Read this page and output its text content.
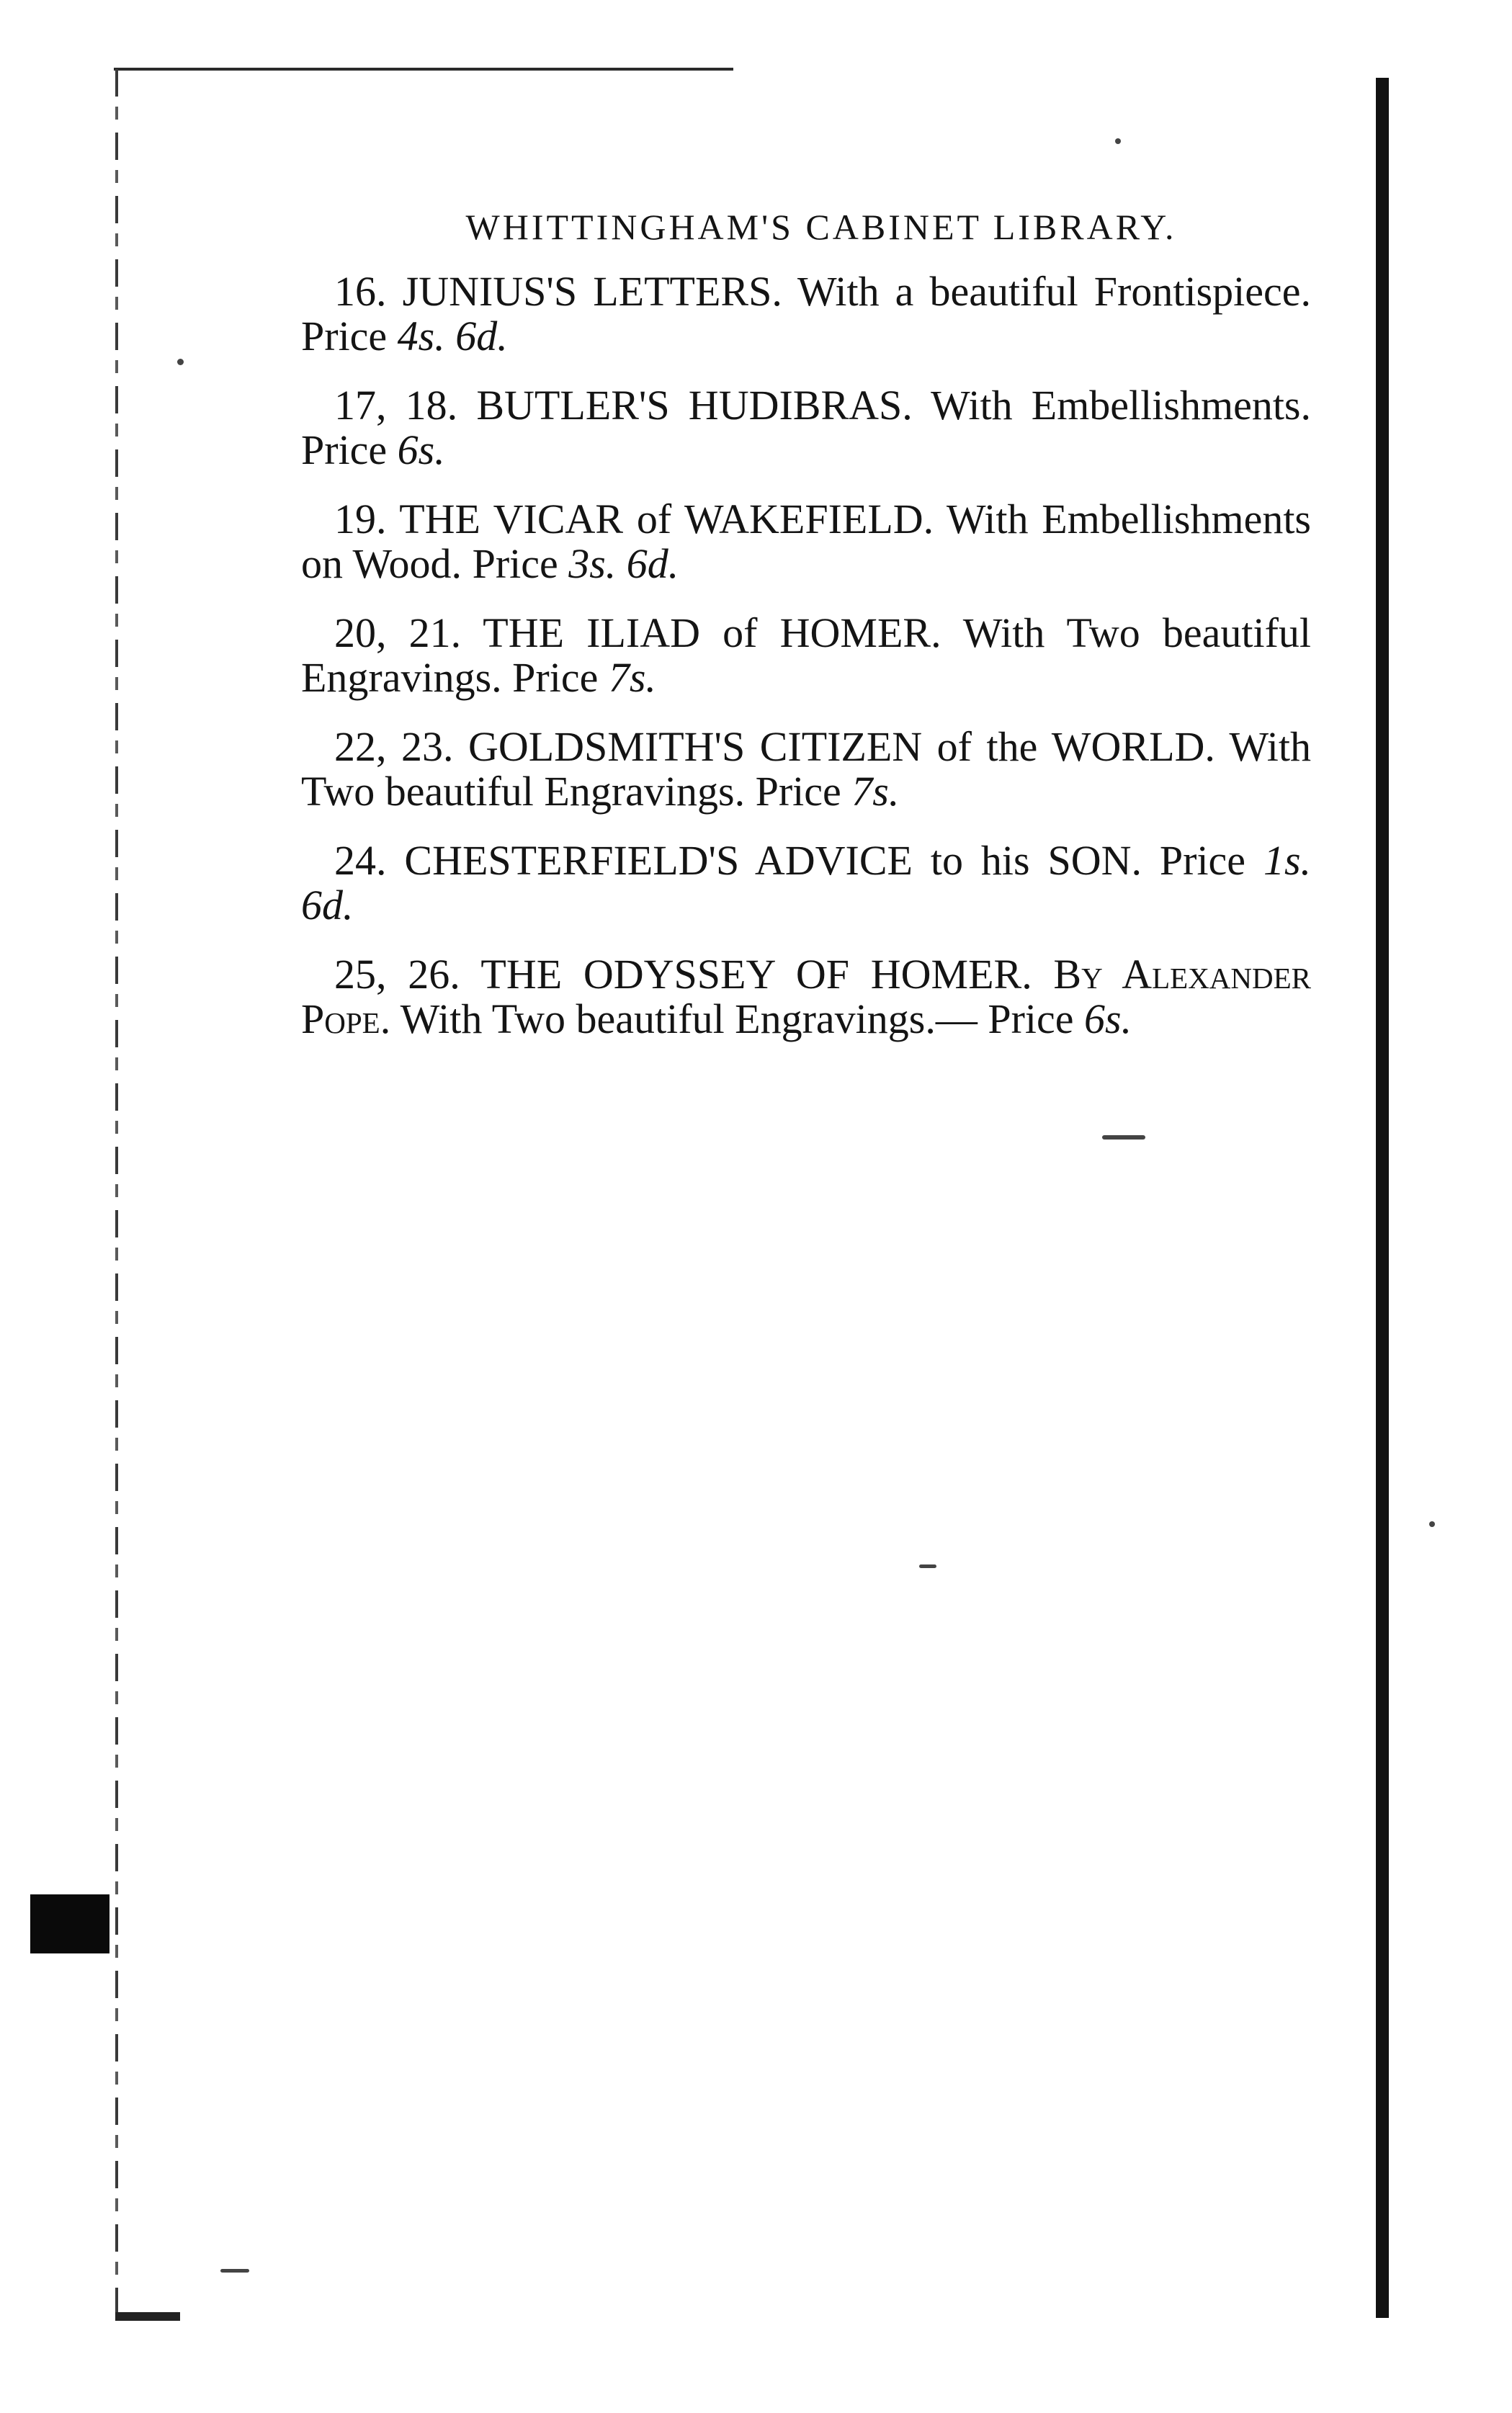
WHITTINGHAM'S CABINET LIBRARY.

16. JUNIUS'S LETTERS. With a beautiful Frontispiece. Price 4s. 6d.

17, 18. BUTLER'S HUDIBRAS. With Embellishments. Price 6s.

19. THE VICAR of WAKEFIELD. With Embellishments on Wood. Price 3s. 6d.

20, 21. THE ILIAD of HOMER. With Two beautiful Engravings. Price 7s.

22, 23. GOLDSMITH'S CITIZEN of the WORLD. With Two beautiful Engravings. Price 7s.

24. CHESTERFIELD'S ADVICE to his SON. Price 1s. 6d.

25, 26. THE ODYSSEY OF HOMER. By Alexander Pope. With Two beautiful Engravings.— Price 6s.
